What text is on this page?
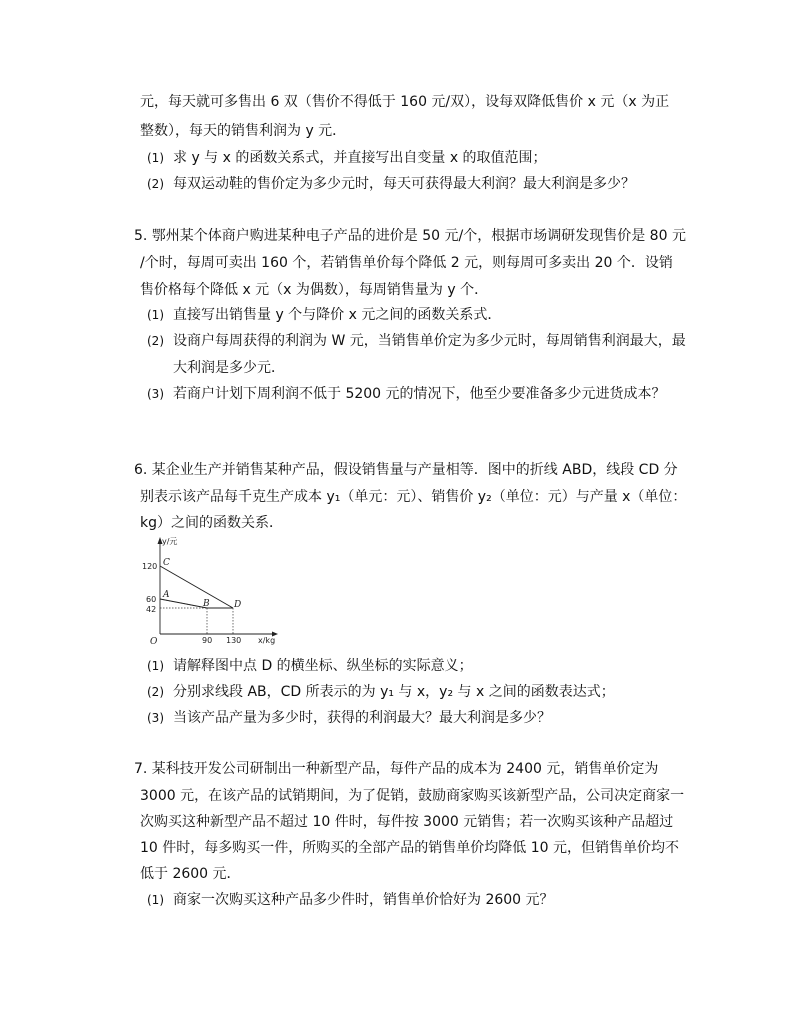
元，每天就可多售出 6 双（售价不得低于 160 元/双），设每双降低售价 x 元（x 为正
整数），每天的销售利润为 y 元．
(1) 求 y 与 x 的函数关系式，并直接写出自变量 x 的取值范围；
(2) 每双运动鞋的售价定为多少元时，每天可获得最大利润？最大利润是多少？
5. 鄂州某个体商户购进某种电子产品的进价是 50 元/个，根据市场调研发现售价是 80 元
/个时，每周可卖出 160 个，若销售单价每个降低 2 元，则每周可多卖出 20 个．设销
售价格每个降低 x 元（x 为偶数），每周销售量为 y 个．
(1) 直接写出销售量 y 个与降价 x 元之间的函数关系式．
(2) 设商户每周获得的利润为 W 元，当销售单价定为多少元时，每周销售利润最大，最
大利润是多少元．
(3) 若商户计划下周利润不低于 5200 元的情况下，他至少要准备多少元进货成本？
6. 某企业生产并销售某种产品，假设销售量与产量相等．图中的折线 ABD，线段 CD 分
别表示该产品每千克生产成本 y₁（单元：元）、销售价 y₂（单位：元）与产量 x（单位：
kg）之间的函数关系．
y/元
x/kg
O
120
60
42
90 130
C
A
B	D
(1) 请解释图中点 D 的横坐标、纵坐标的实际意义；
(2) 分别求线段 AB，CD 所表示的为 y₁ 与 x，y₂ 与 x 之间的函数表达式；
(3) 当该产品产量为多少时，获得的利润最大？最大利润是多少？
7. 某科技开发公司研制出一种新型产品，每件产品的成本为 2400 元，销售单价定为
3000 元，在该产品的试销期间，为了促销，鼓励商家购买该新型产品，公司决定商家一
次购买这种新型产品不超过 10 件时，每件按 3000 元销售；若一次购买该种产品超过
10 件时，每多购买一件，所购买的全部产品的销售单价均降低 10 元，但销售单价均不
低于 2600 元．
(1) 商家一次购买这种产品多少件时，销售单价恰好为 2600 元？
